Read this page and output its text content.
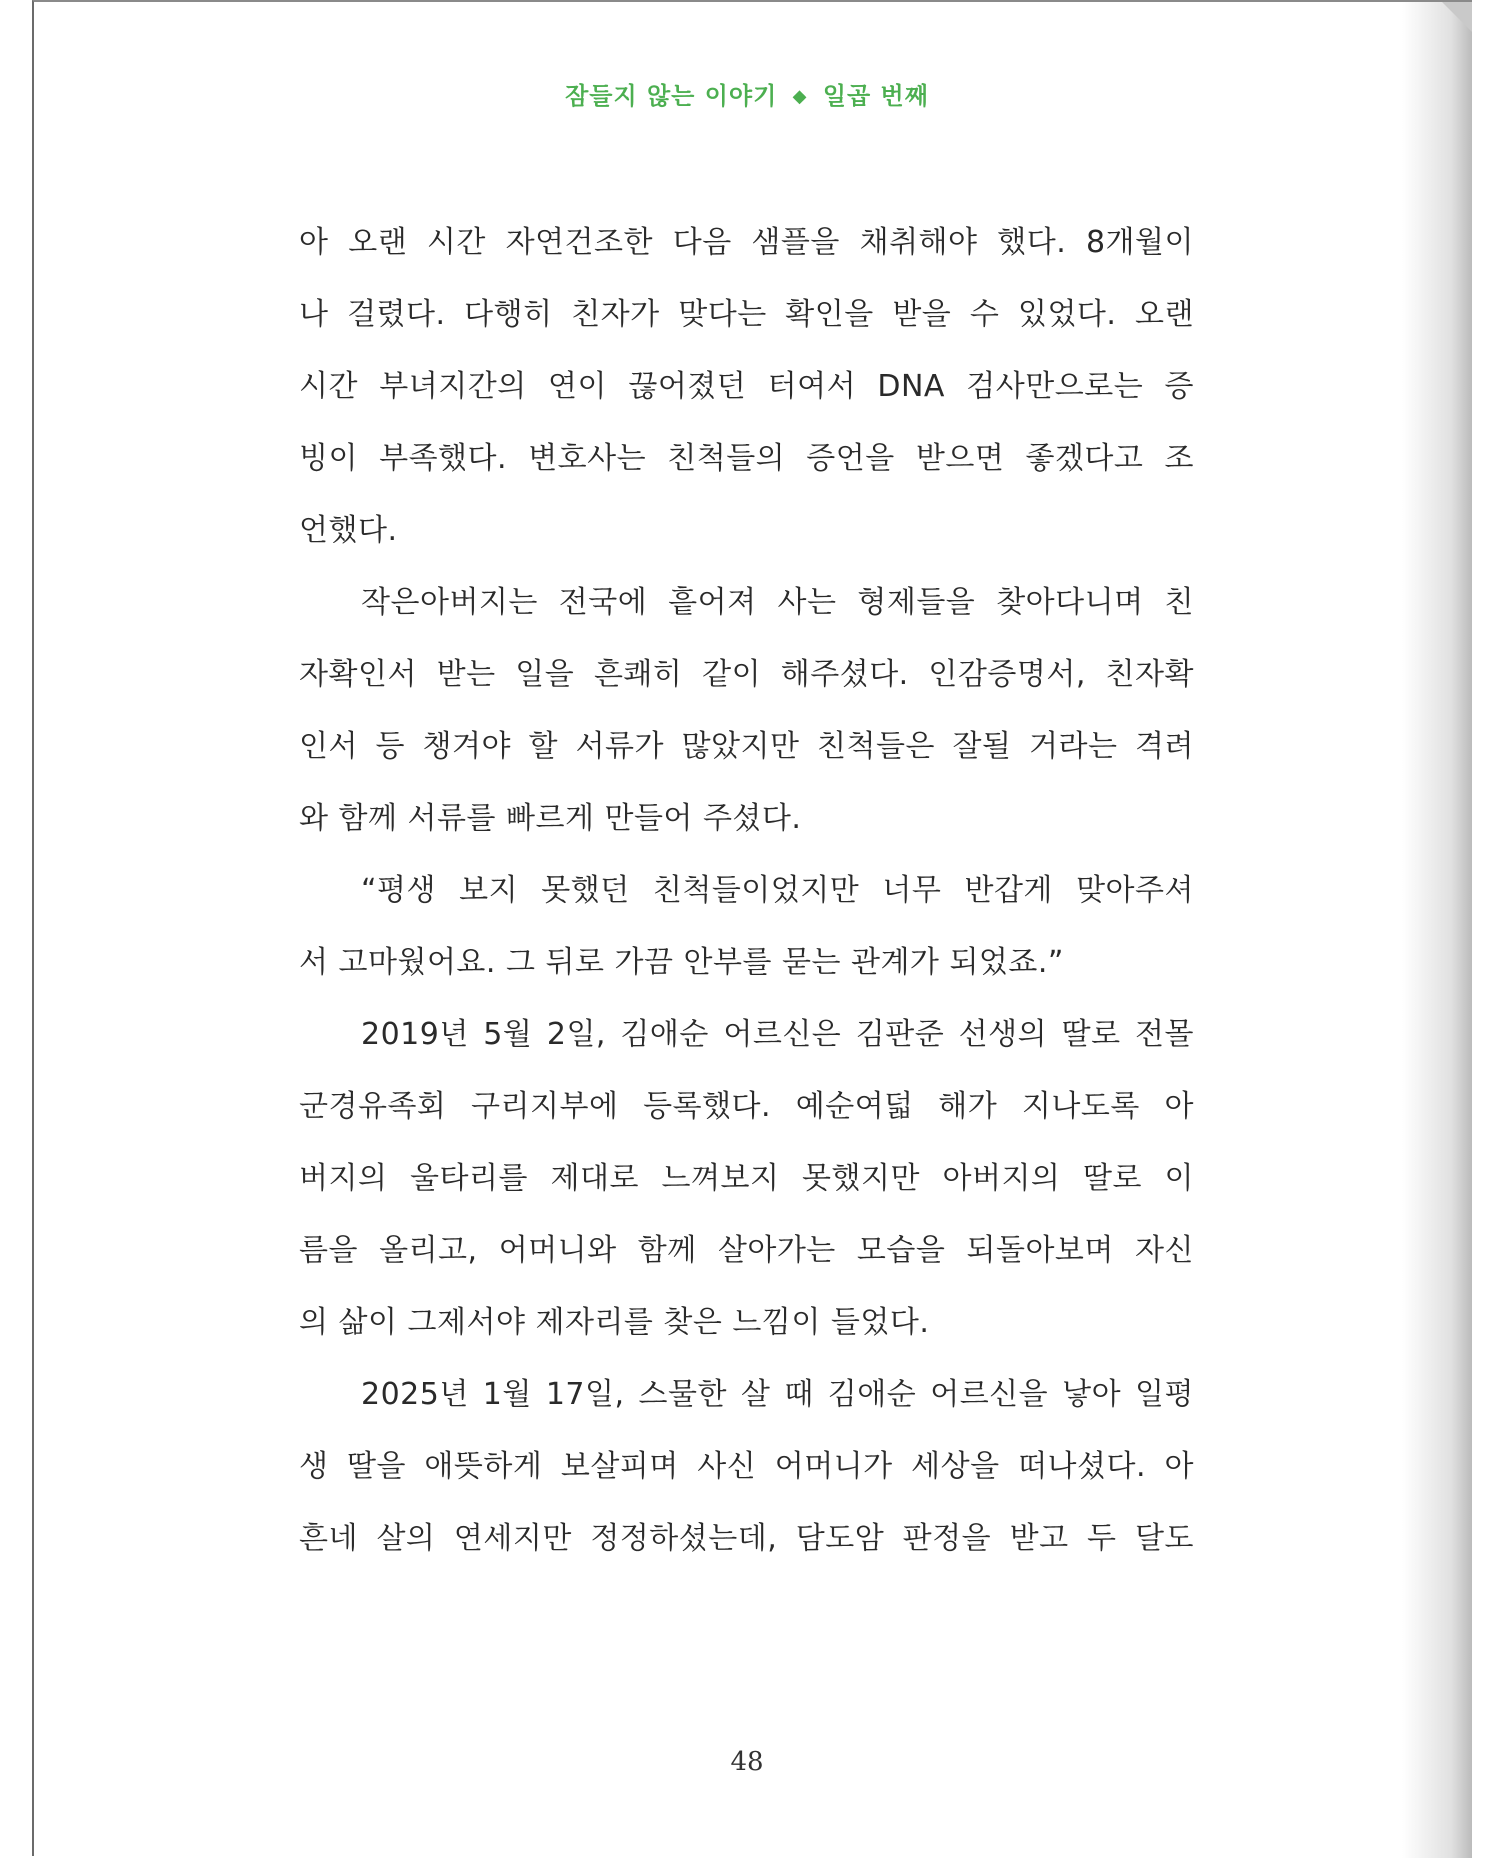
잠들지 않는 이야기 ◆ 일곱 번째
아 오랜 시간 자연건조한 다음 샘플을 채취해야 했다. 8개월이
나 걸렸다. 다행히 친자가 맞다는 확인을 받을 수 있었다. 오랜
시간 부녀지간의 연이 끊어졌던 터여서 DNA 검사만으로는 증
빙이 부족했다. 변호사는 친척들의 증언을 받으면 좋겠다고 조
언했다.
작은아버지는 전국에 흩어져 사는 형제들을 찾아다니며 친
자확인서 받는 일을 흔쾌히 같이 해주셨다. 인감증명서, 친자확
인서 등 챙겨야 할 서류가 많았지만 친척들은 잘될 거라는 격려
와 함께 서류를 빠르게 만들어 주셨다.
“평생 보지 못했던 친척들이었지만 너무 반갑게 맞아주셔
서 고마웠어요. 그 뒤로 가끔 안부를 묻는 관계가 되었죠.”
2019년 5월 2일, 김애순 어르신은 김판준 선생의 딸로 전몰
군경유족회 구리지부에 등록했다. 예순여덟 해가 지나도록 아
버지의 울타리를 제대로 느껴보지 못했지만 아버지의 딸로 이
름을 올리고, 어머니와 함께 살아가는 모습을 되돌아보며 자신
의 삶이 그제서야 제자리를 찾은 느낌이 들었다.
2025년 1월 17일, 스물한 살 때 김애순 어르신을 낳아 일평
생 딸을 애뜻하게 보살피며 사신 어머니가 세상을 떠나셨다. 아
흔네 살의 연세지만 정정하셨는데, 담도암 판정을 받고 두 달도
48
